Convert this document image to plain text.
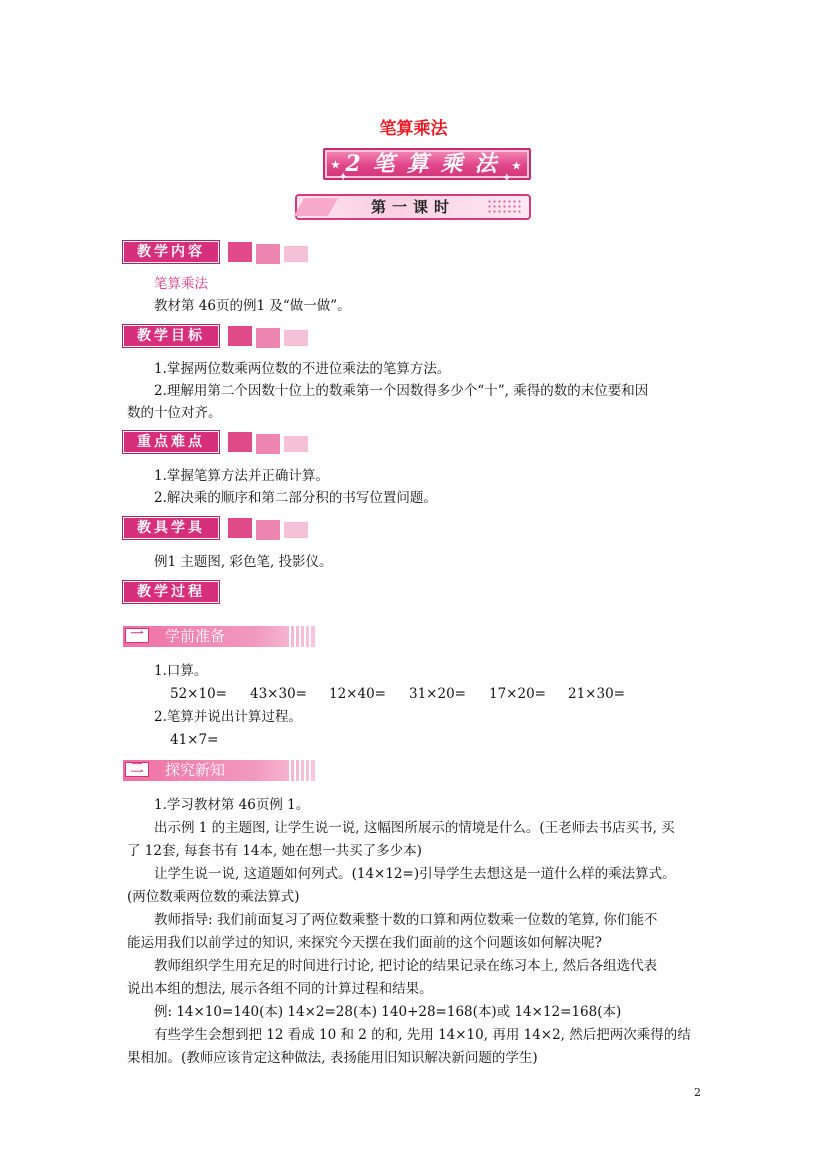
笔算乘法
★
✦
★
✦
2笔算乘法
第一课时
教学内容
笔算乘法
教材第 46页的例1 及“做一做”。
教学目标
1.掌握两位数乘两位数的不进位乘法的笔算方法。
2.理解用第二个因数十位上的数乘第一个因数得多少个“十”, 乘得的数的末位要和因
数的十位对齐。
重点难点
1.掌握笔算方法并正确计算。
2.解决乘的顺序和第二部分积的书写位置问题。
教具学具
例1 主题图, 彩色笔, 投影仪。
教学过程
一	学前准备
1.口算。
52×10= 43×30= 12×40= 31×20= 17×20= 21×30=
2.笔算并说出计算过程。
41×7=
二	探究新知
1.学习教材第 46页例 1。
出示例 1 的主题图, 让学生说一说, 这幅图所展示的情境是什么。(王老师去书店买书, 买
了 12套, 每套书有 14本, 她在想一共买了多少本)
让学生说一说, 这道题如何列式。(14×12=)引导学生去想这是一道什么样的乘法算式。
(两位数乘两位数的乘法算式)
教师指导: 我们前面复习了两位数乘整十数的口算和两位数乘一位数的笔算, 你们能不
能运用我们以前学过的知识, 来探究今天摆在我们面前的这个问题该如何解决呢?
教师组织学生用充足的时间进行讨论, 把讨论的结果记录在练习本上, 然后各组选代表
说出本组的想法, 展示各组不同的计算过程和结果。
例: 14×10=140(本) 14×2=28(本) 140+28=168(本)或 14×12=168(本)
有些学生会想到把 12 看成 10 和 2 的和, 先用 14×10, 再用 14×2, 然后把两次乘得的结
果相加。(教师应该肯定这种做法, 表扬能用旧知识解决新问题的学生)
2
